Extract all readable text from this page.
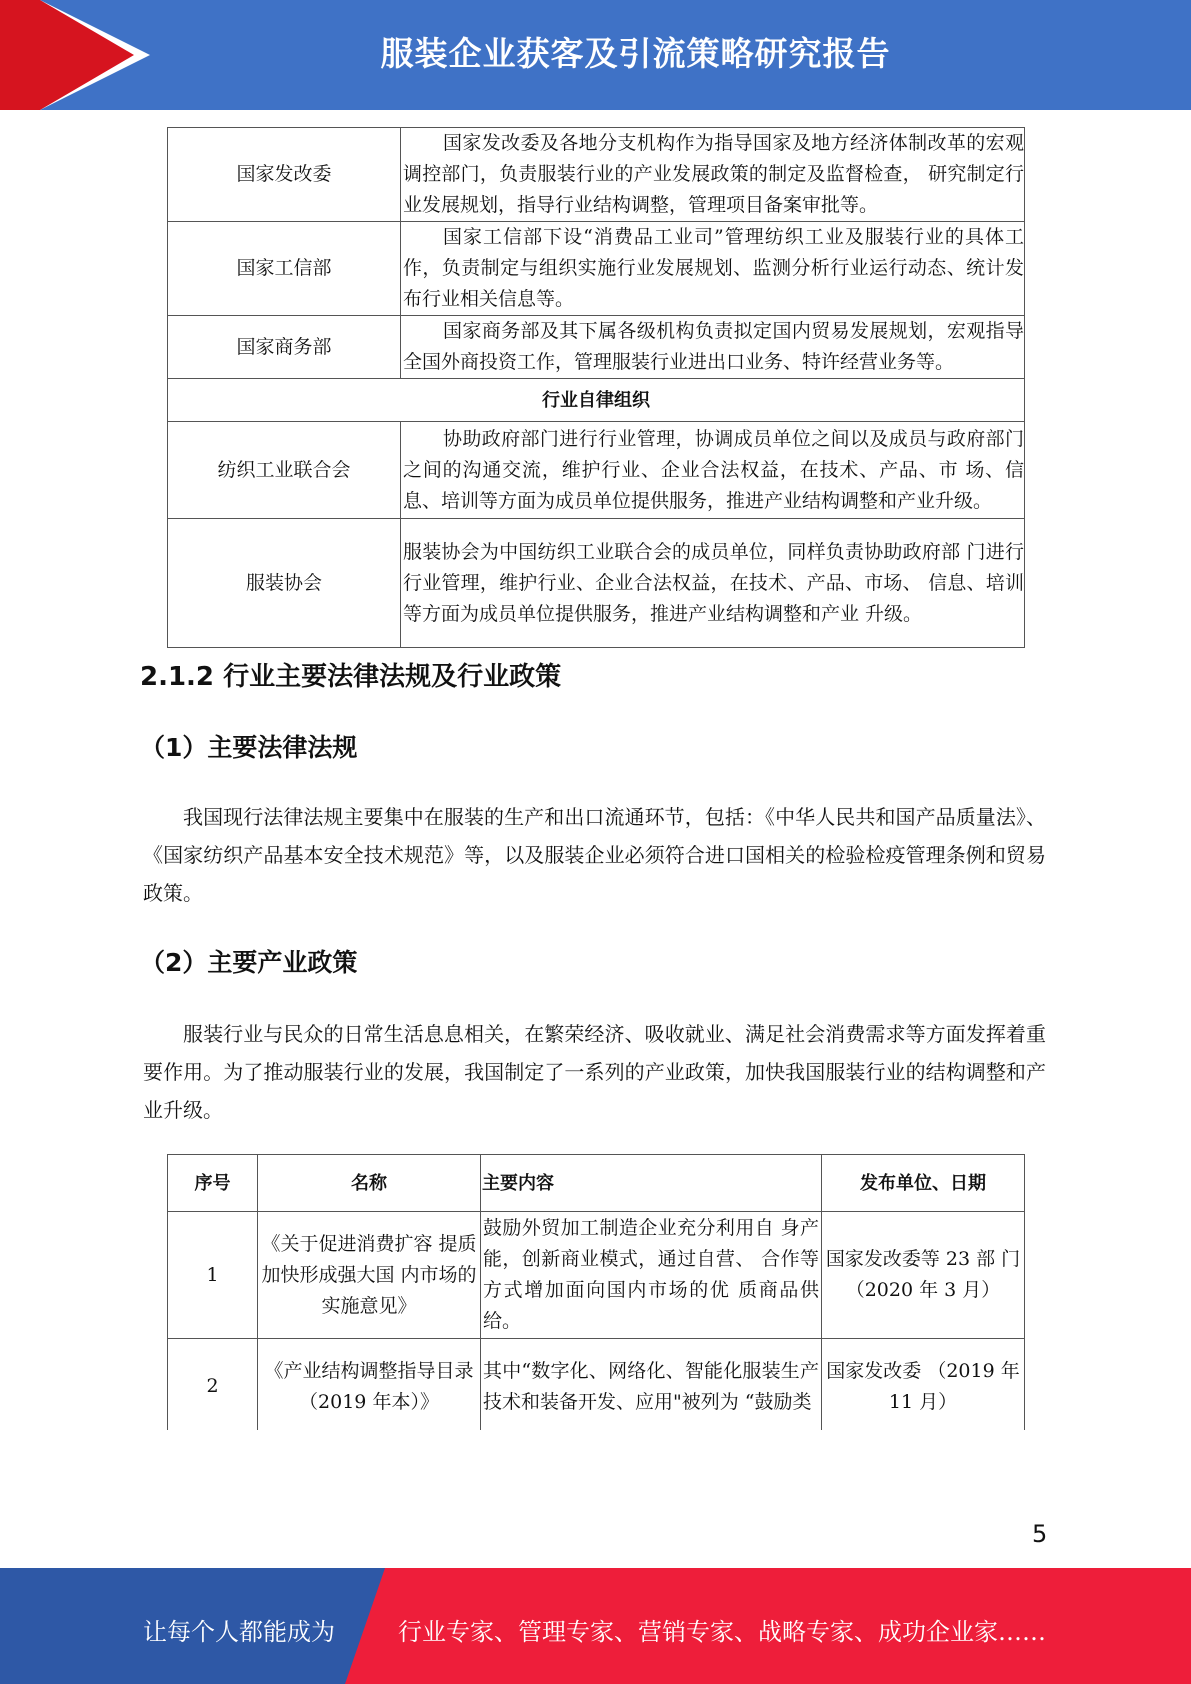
服装企业获客及引流策略研究报告
国家发改委	国家发改委及各地分支机构作为指导国家及地方经济体制改革的宏观调控部门，负责服装行业的产业发展政策的制定及监督检查， 研究制定行业发展规划，指导行业结构调整，管理项目备案审批等。
国家工信部	国家工信部下设“消费品工业司”管理纺织工业及服装行业的具体工作，负责制定与组织实施行业发展规划、监测分析行业运行动态、统计发布行业相关信息等。
国家商务部	国家商务部及其下属各级机构负责拟定国内贸易发展规划，宏观指导全国外商投资工作，管理服装行业进出口业务、特许经营业务等。
行业自律组织	
纺织工业联合会	协助政府部门进行行业管理，协调成员单位之间以及成员与政府部门之间的沟通交流，维护行业、企业合法权益，在技术、产品、市 场、信息、培训等方面为成员单位提供服务，推进产业结构调整和产业升级。
服装协会	服装协会为中国纺织工业联合会的成员单位，同样负责协助政府部 门进行行业管理，维护行业、企业合法权益，在技术、产品、市场、 信息、培训等方面为成员单位提供服务，推进产业结构调整和产业 升级。
2.1.2 行业主要法律法规及行业政策
（1）主要法律法规

我国现行法律法规主要集中在服装的生产和出口流通环节，包括：《中华人民共和国产品质量法》、《国家纺织产品基本安全技术规范》等，以及服装企业必须符合进口国相关的检验检疫管理条例和贸易政策。

（2）主要产业政策

服装行业与民众的日常生活息息相关，在繁荣经济、吸收就业、满足社会消费需求等方面发挥着重要作用。为了推动服装行业的发展，我国制定了一系列的产业政策，加快我国服装行业的结构调整和产业升级。

序号	名称	主要内容	发布单位、日期
1	《关于促进消费扩容 提质加快形成强大国 内市场的实施意见》	鼓励外贸加工制造企业充分利用自 身产能，创新商业模式，通过自营、 合作等方式增加面向国内市场的优 质商品供给。	国家发改委等 23 部 门（2020 年 3 月）
2	《产业结构调整指导目录（2019 年本）》	其中“数字化、网络化、智能化服装生产技术和装备开发、应用"被列为 “鼓励类	国家发改委 （2019 年 11 月）
5
让每个人都能成为	行业专家、管理专家、营销专家、战略专家、成功企业家……
